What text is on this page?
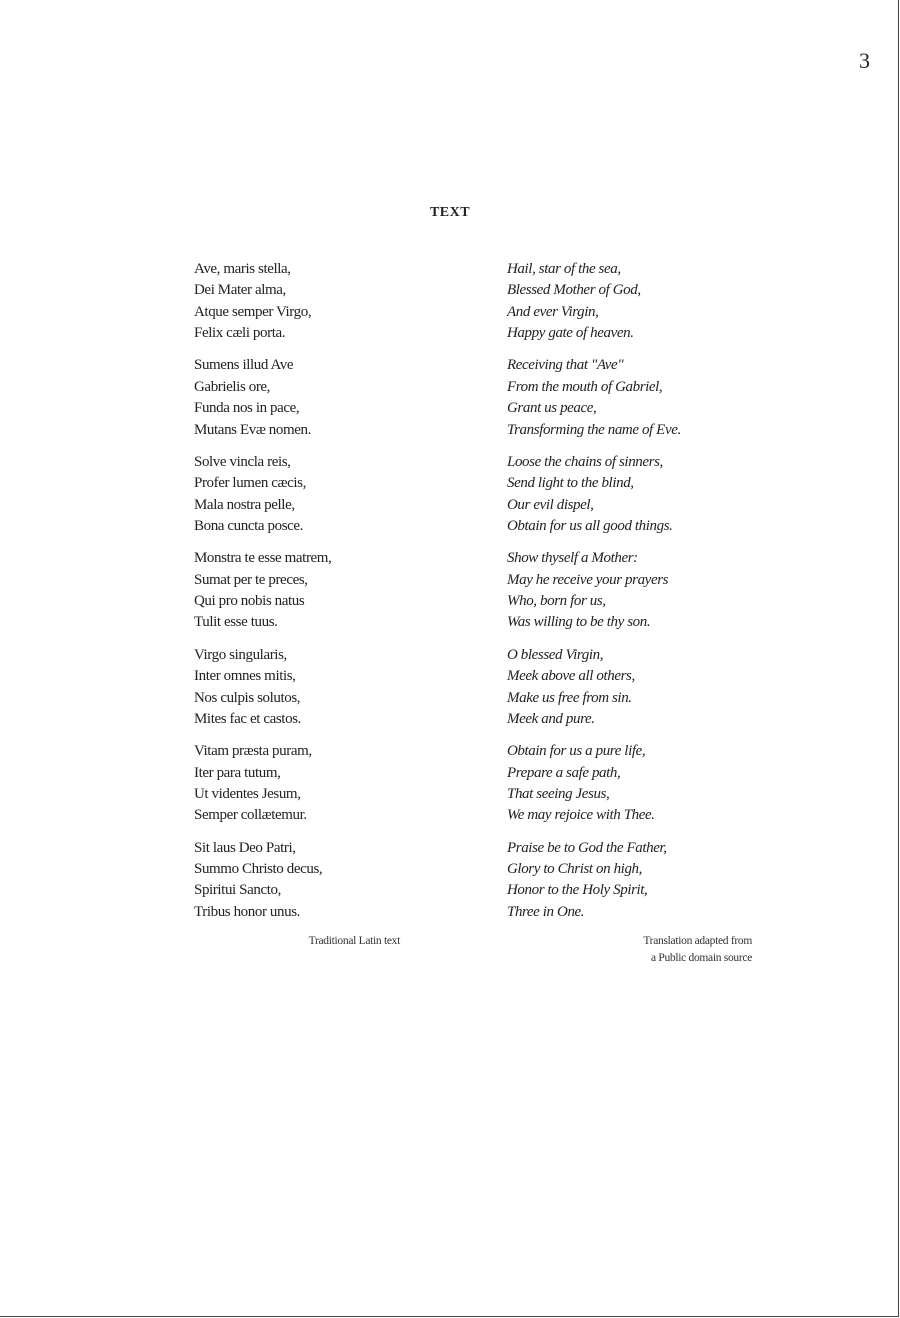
3
TEXT
Ave, maris stella,
Dei Mater alma,
Atque semper Virgo,
Felix cæli porta.
Sumens illud Ave
Gabrielis ore,
Funda nos in pace,
Mutans Evæ nomen.
Solve vincla reis,
Profer lumen cæcis,
Mala nostra pelle,
Bona cuncta posce.
Monstra te esse matrem,
Sumat per te preces,
Qui pro nobis natus
Tulit esse tuus.
Virgo singularis,
Inter omnes mitis,
Nos culpis solutos,
Mites fac et castos.
Vitam præsta puram,
Iter para tutum,
Ut videntes Jesum,
Semper collætemur.
Sit laus Deo Patri,
Summo Christo decus,
Spiritui Sancto,
Tribus honor unus.
Hail, star of the sea,
Blessed Mother of God,
And ever Virgin,
Happy gate of heaven.
Receiving that "Ave"
From the mouth of Gabriel,
Grant us peace,
Transforming the name of Eve.
Loose the chains of sinners,
Send light to the blind,
Our evil dispel,
Obtain for us all good things.
Show thyself a Mother:
May he receive your prayers
Who, born for us,
Was willing to be thy son.
O blessed Virgin,
Meek above all others,
Make us free from sin.
Meek and pure.
Obtain for us a pure life,
Prepare a safe path,
That seeing Jesus,
We may rejoice with Thee.
Praise be to God the Father,
Glory to Christ on high,
Honor to the Holy Spirit,
Three in One.
Traditional Latin text	Translation adapted from
a Public domain source
